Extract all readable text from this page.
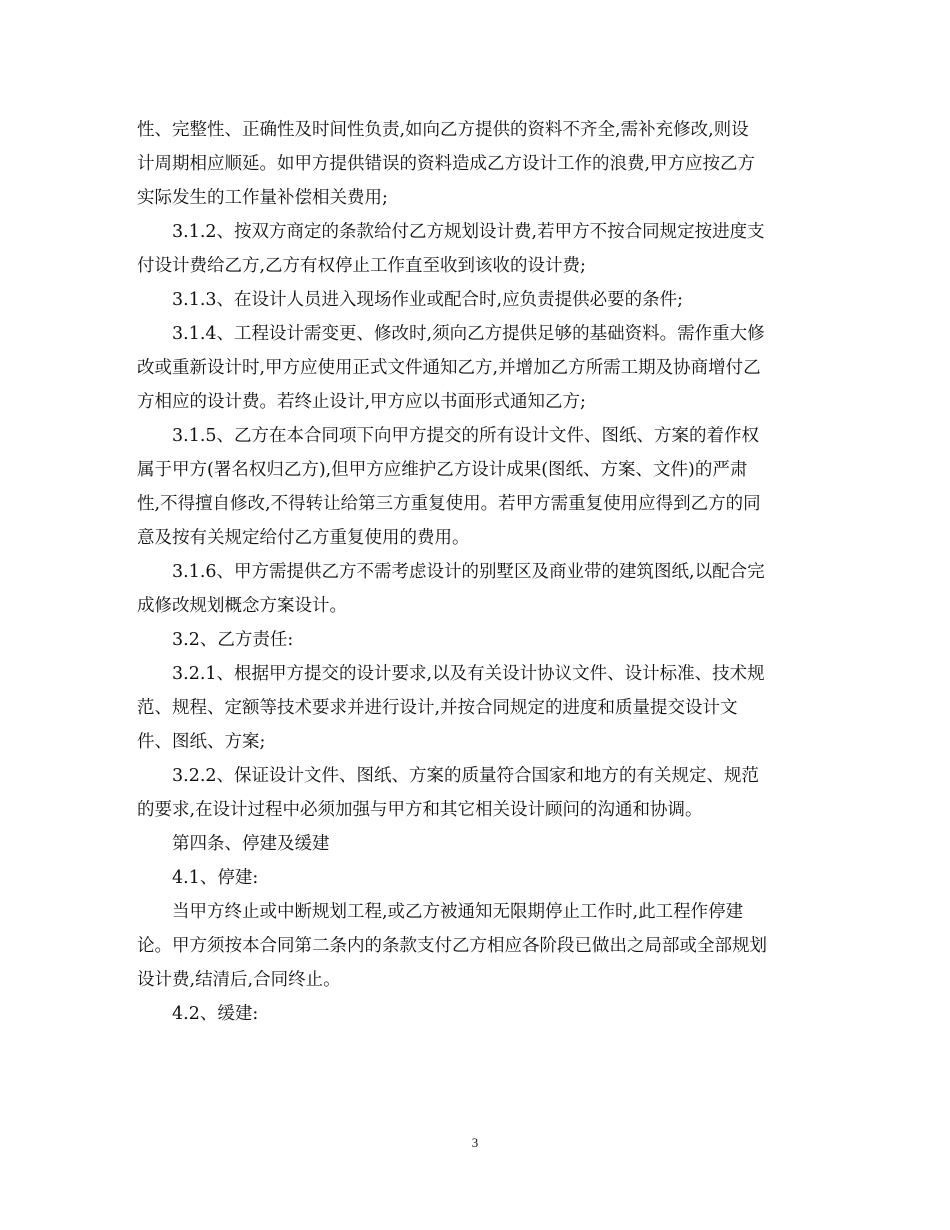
性、完整性、正确性及时间性负责,如向乙方提供的资料不齐全,需补充修改,则设

计周期相应顺延。如甲方提供错误的资料造成乙方设计工作的浪费,甲方应按乙方

实际发生的工作量补偿相关费用;

　　3.1.2、按双方商定的条款给付乙方规划设计费,若甲方不按合同规定按进度支

付设计费给乙方,乙方有权停止工作直至收到该收的设计费;

　　3.1.3、在设计人员进入现场作业或配合时,应负责提供必要的条件;

　　3.1.4、工程设计需变更、修改时,须向乙方提供足够的基础资料。需作重大修

改或重新设计时,甲方应使用正式文件通知乙方,并增加乙方所需工期及协商增付乙

方相应的设计费。若终止设计,甲方应以书面形式通知乙方;

　　3.1.5、乙方在本合同项下向甲方提交的所有设计文件、图纸、方案的着作权

属于甲方(署名权归乙方),但甲方应维护乙方设计成果(图纸、方案、文件)的严肃

性,不得擅自修改,不得转让给第三方重复使用。若甲方需重复使用应得到乙方的同

意及按有关规定给付乙方重复使用的费用。

　　3.1.6、甲方需提供乙方不需考虑设计的别墅区及商业带的建筑图纸,以配合完

成修改规划概念方案设计。

　　3.2、乙方责任:

　　3.2.1、根据甲方提交的设计要求,以及有关设计协议文件、设计标准、技术规

范、规程、定额等技术要求并进行设计,并按合同规定的进度和质量提交设计文

件、图纸、方案;

　　3.2.2、保证设计文件、图纸、方案的质量符合国家和地方的有关规定、规范

的要求,在设计过程中必须加强与甲方和其它相关设计顾问的沟通和协调。

　　第四条、停建及缓建

　　4.1、停建:

　　当甲方终止或中断规划工程,或乙方被通知无限期停止工作时,此工程作停建

论。甲方须按本合同第二条内的条款支付乙方相应各阶段已做出之局部或全部规划

设计费,结清后,合同终止。

　　4.2、缓建:

3
